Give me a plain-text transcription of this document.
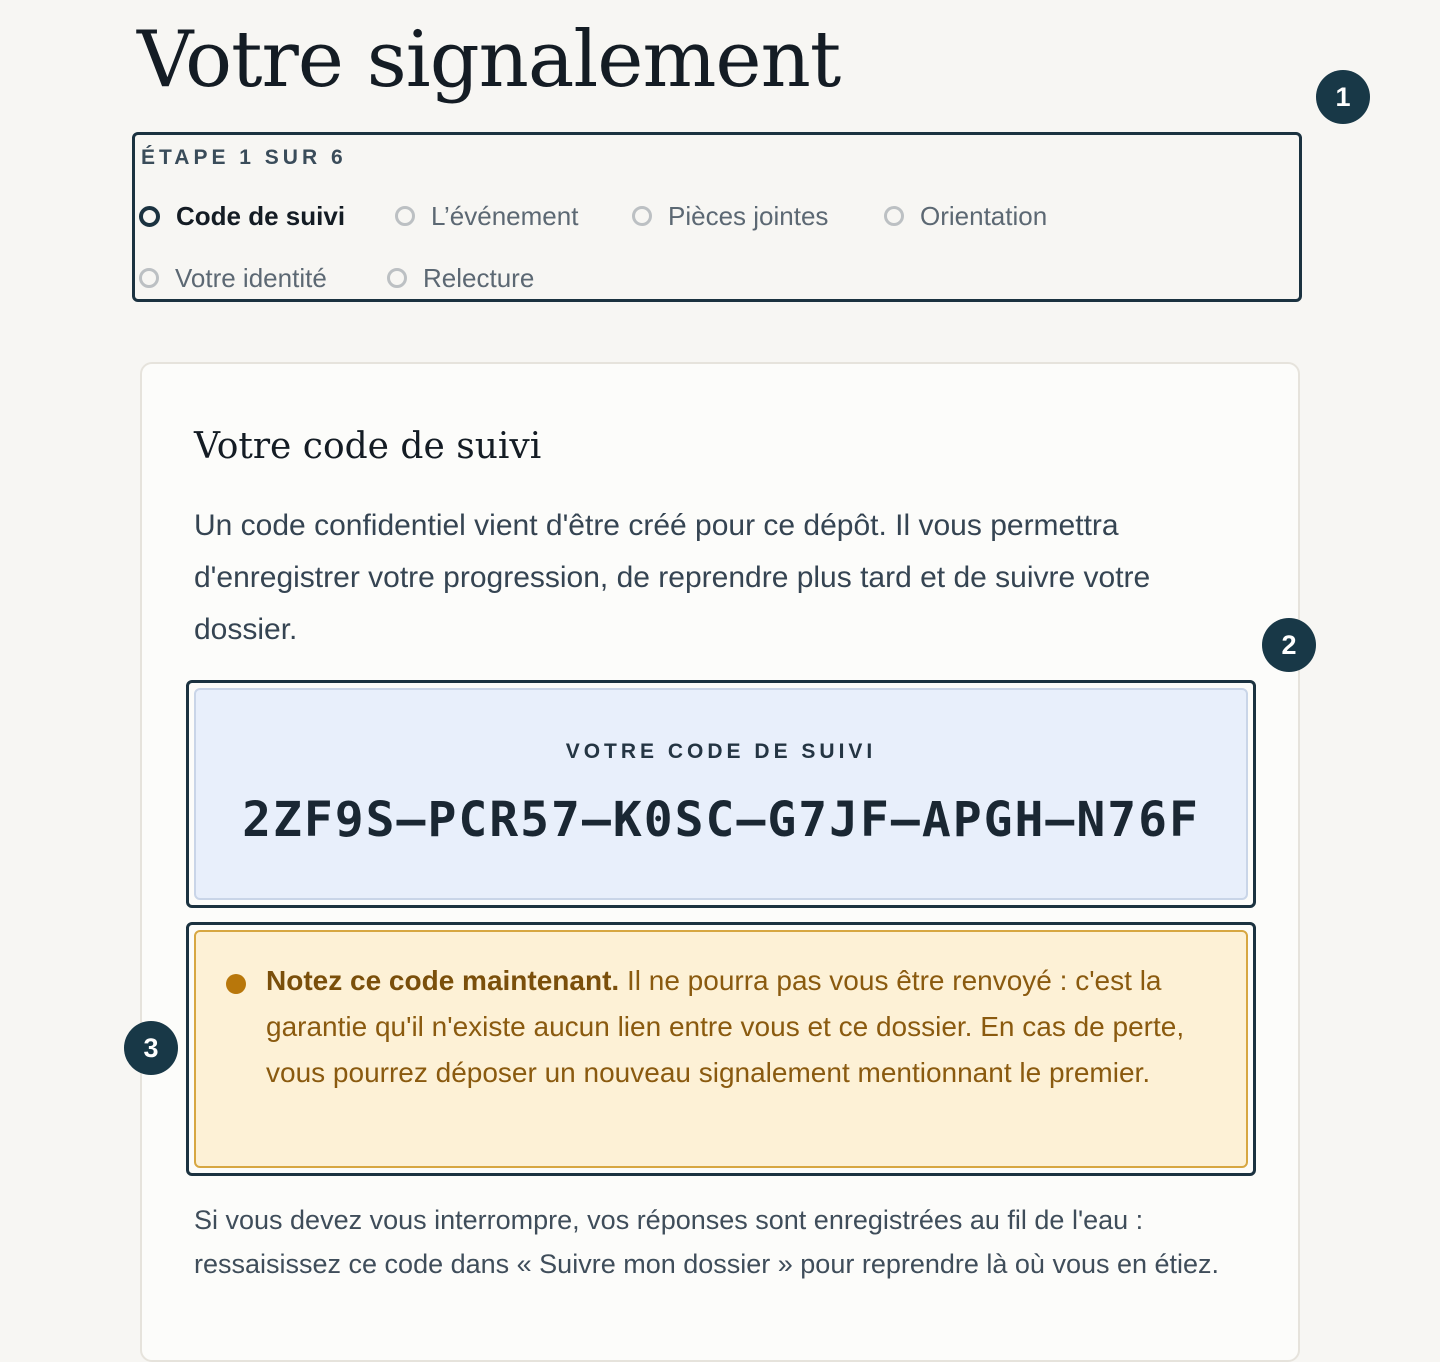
Votre signalement	1
ÉTAPE 1 SUR 6
Code de suivi	L’événement	Pièces jointes	Orientation
Votre identité	Relecture
Votre code de suivi

Un code confidentiel vient d'être créé pour ce dépôt. Il vous permettra d'enregistrer votre progression, de reprendre plus tard et de suivre votre dossier.

VOTRE CODE DE SUIVI
2ZF9S–PCR57–K0SC–G7JF–APGH–N76F

Notez ce code maintenant. Il ne pourra pas vous être renvoyé : c'est la garantie qu'il n'existe aucun lien entre vous et ce dossier. En cas de perte, vous pourrez déposer un nouveau signalement mentionnant le premier.

Si vous devez vous interrompre, vos réponses sont enregistrées au fil de l'eau : ressaisissez ce code dans « Suivre mon dossier » pour reprendre là où vous en étiez.

2
3
